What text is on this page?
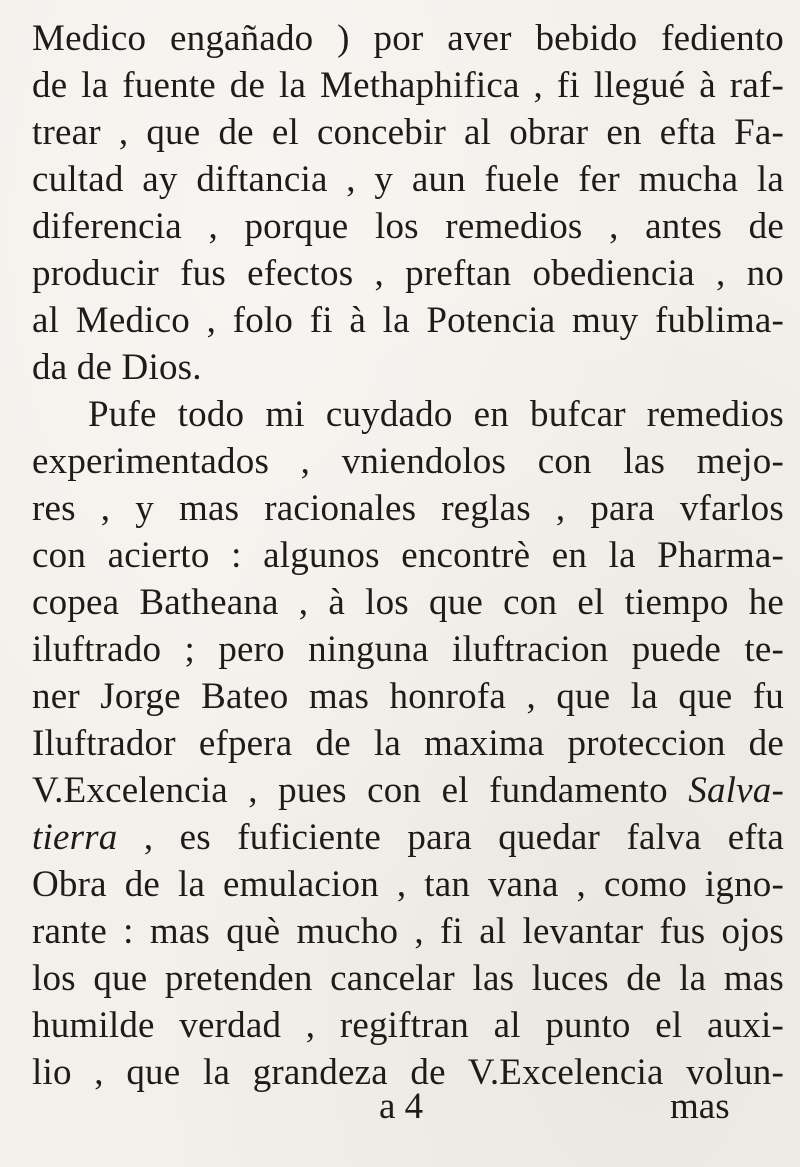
Medico engañado ) por aver bebido fediento
de la fuente de la Methaphifica , fi llegué à raf-
trear , que de el concebir al obrar en efta Fa-
cultad ay diftancia , y aun fuele fer mucha la
diferencia , porque los remedios , antes de
producir fus efectos , preftan obediencia , no
al Medico , folo fi à la Potencia muy fublima-
da de Dios.
Pufe todo mi cuydado en bufcar remedios
experimentados , vniendolos con las mejo-
res , y mas racionales reglas , para vfarlos
con acierto : algunos encontrè en la Pharma-
copea Batheana , à los que con el tiempo he
iluftrado ; pero ninguna iluftracion puede te-
ner Jorge Bateo mas honrofa , que la que fu
Iluftrador efpera de la maxima proteccion de
V.Excelencia , pues con el fundamento Salva-
tierra , es fuficiente para quedar falva efta
Obra de la emulacion , tan vana , como igno-
rante : mas què mucho , fi al levantar fus ojos
los que pretenden cancelar las luces de la mas
humilde verdad , regiftran al punto el auxi-
lio , que la grandeza de V.Excelencia volun-
a 4	mas
